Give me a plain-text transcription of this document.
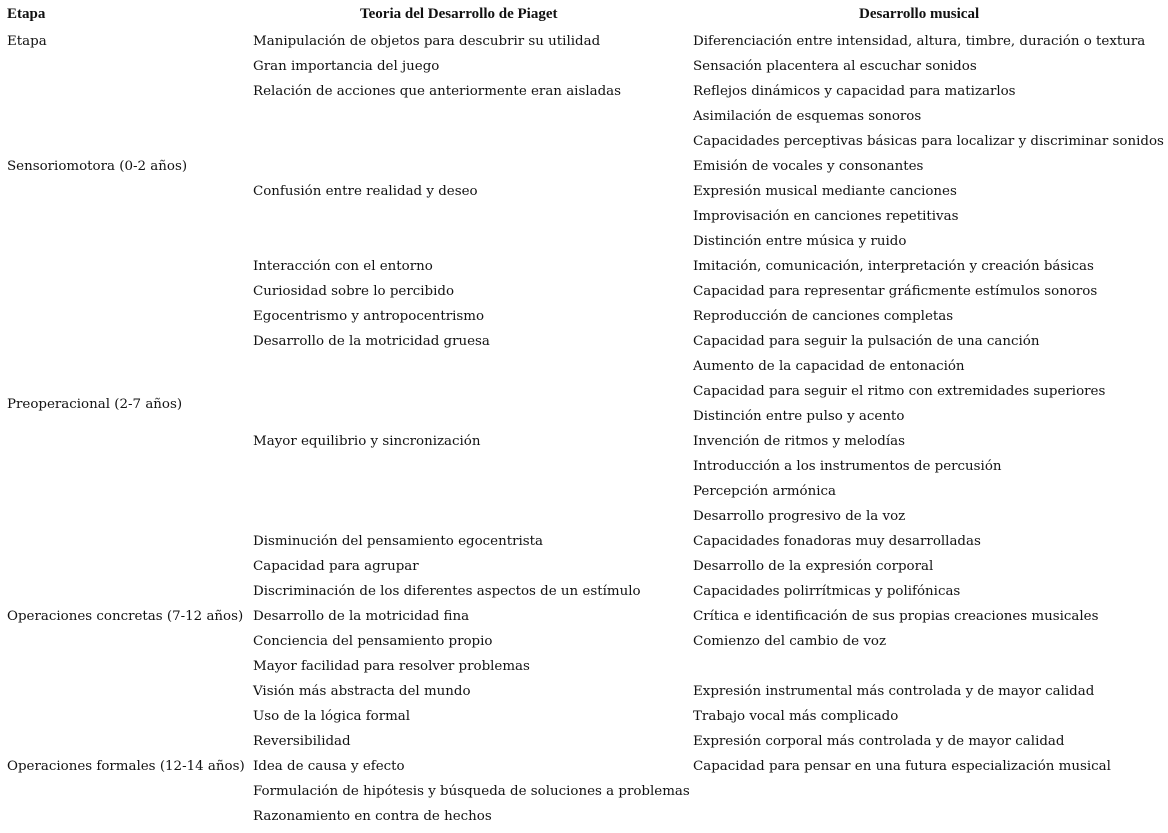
Etapa	Teoria del Desarrollo de Piaget	Desarrollo musical
Etapa
Sensoriomotora (0-2 años)
Preoperacional (2-7 años)
Operaciones concretas (7-12 años)
Operaciones formales (12-14 años)
Manipulación de objetos para descubrir su utilidad
Gran importancia del juego
Relación de acciones que anteriormente eran aisladas
Confusión entre realidad y deseo
Interacción con el entorno
Curiosidad sobre lo percibido
Egocentrismo y antropocentrismo
Desarrollo de la motricidad gruesa
Mayor equilibrio y sincronización
Disminución del pensamiento egocentrista
Capacidad para agrupar
Discriminación de los diferentes aspectos de un estímulo
Desarrollo de la motricidad fina
Conciencia del pensamiento propio
Mayor facilidad para resolver problemas
Visión más abstracta del mundo
Uso de la lógica formal
Reversibilidad
Idea de causa y efecto
Formulación de hipótesis y búsqueda de soluciones a problemas
Razonamiento en contra de hechos
Diferenciación entre intensidad, altura, timbre, duración o textura
Sensación placentera al escuchar sonidos
Reflejos dinámicos y capacidad para matizarlos
Asimilación de esquemas sonoros
Capacidades perceptivas básicas para localizar y discriminar sonidos
Emisión de vocales y consonantes
Expresión musical mediante canciones
Improvisación en canciones repetitivas
Distinción entre música y ruido
Imitación, comunicación, interpretación y creación básicas
Capacidad para representar gráficmente estímulos sonoros
Reproducción de canciones completas
Capacidad para seguir la pulsación de una canción
Aumento de la capacidad de entonación
Capacidad para seguir el ritmo con extremidades superiores
Distinción entre pulso y acento
Invención de ritmos y melodías
Introducción a los instrumentos de percusión
Percepción armónica
Desarrollo progresivo de la voz
Capacidades fonadoras muy desarrolladas
Desarrollo de la expresión corporal
Capacidades polirrítmicas y polifónicas
Crítica e identificación de sus propias creaciones musicales
Comienzo del cambio de voz
Expresión instrumental más controlada y de mayor calidad
Trabajo vocal más complicado
Expresión corporal más controlada y de mayor calidad
Capacidad para pensar en una futura especialización musical
